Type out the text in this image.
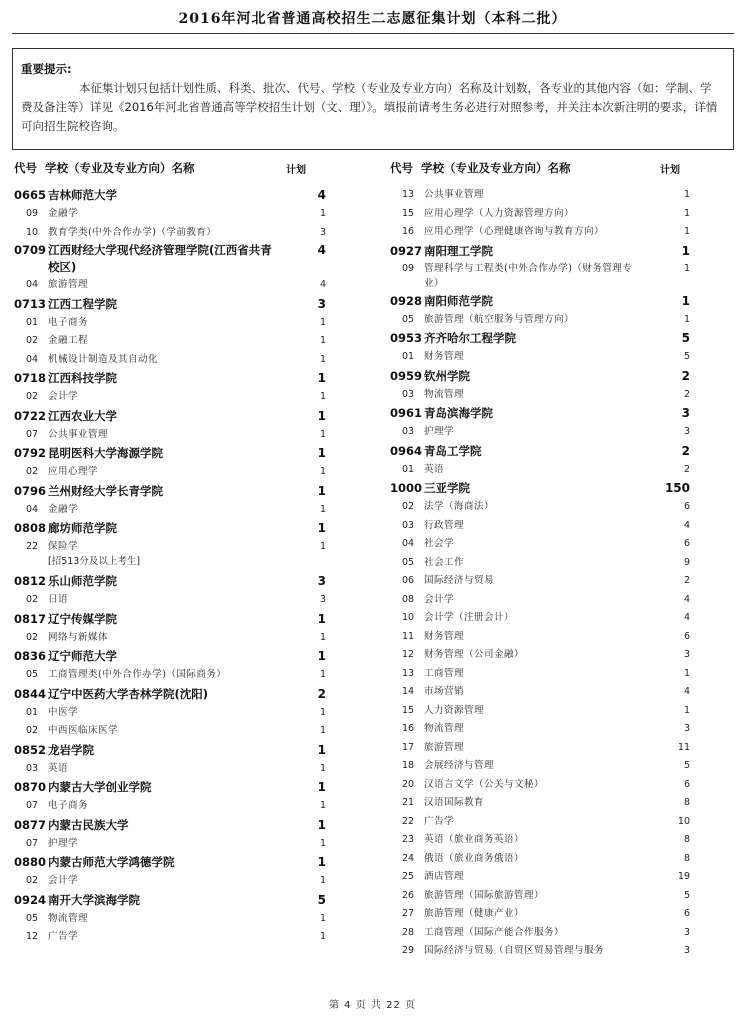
2016年河北省普通高校招生二志愿征集计划（本科二批）
重要提示:
本征集计划只包括计划性质、科类、批次、代号、学校（专业及专业方向）名称及计划数，各专业的其他内容（如：学制、学费及备注等）详见《2016年河北省普通高等学校招生计划（文、理）》。填报前请考生务必进行对照参考，并关注本次新注明的要求，详情可向招生院校咨询。
代号 学校（专业及专业方向）名称	计划	代号 学校（专业及专业方向）名称	计划
0665 吉林师范大学	4
09 金融学	1
10 教育学类(中外合作办学)（学前教育）	3
0709 江西财经大学现代经济管理学院(江西省共青校区)
4
04 旅游管理	4
0713 江西工程学院	3
01 电子商务	1
02 金融工程	1
04 机械设计制造及其自动化	1
0718 江西科技学院	1
02 会计学	1
0722 江西农业大学	1
07 公共事业管理	1
0792 昆明医科大学海源学院	1
02 应用心理学	1
0796 兰州财经大学长青学院	1
04 金融学	1
0808 廊坊师范学院	1
22 保险学	1
[招513分及以上考生]
0812 乐山师范学院	3
02 日语	3
0817 辽宁传媒学院	1
02 网络与新媒体	1
0836 辽宁师范大学	1
05 工商管理类(中外合作办学)（国际商务）	1
0844 辽宁中医药大学杏林学院(沈阳)	2
01 中医学	1
02 中西医临床医学	1
0852 龙岩学院	1
03 英语	1
0870 内蒙古大学创业学院	1
07 电子商务	1
0877 内蒙古民族大学	1
07 护理学	1
0880 内蒙古师范大学鸿德学院	1
02 会计学	1
0924 南开大学滨海学院	5
05 物流管理	1
12 广告学	1
13 公共事业管理	1
15 应用心理学（人力资源管理方向）	1
16 应用心理学（心理健康咨询与教育方向）	1
0927 南阳理工学院	1
09 管理科学与工程类(中外合作办学)（财务管理专业）
1
0928 南阳师范学院	1
05 旅游管理（航空服务与管理方向）	1
0953 齐齐哈尔工程学院	5
01 财务管理	5
0959 钦州学院	2
03 物流管理	2
0961 青岛滨海学院	3
03 护理学	3
0964 青岛工学院	2
01 英语	2
1000 三亚学院	150
02 法学（海商法）	6
03 行政管理	4
04 社会学	6
05 社会工作	9
06 国际经济与贸易	2
08 会计学	4
10 会计学（注册会计）	4
11 财务管理	6
12 财务管理（公司金融）	3
13 工商管理	1
14 市场营销	4
15 人力资源管理	1
16 物流管理	3
17 旅游管理	11
18 会展经济与管理	5
20 汉语言文学（公关与文秘）	6
21 汉语国际教育	8
22 广告学	10
23 英语（旅业商务英语）	8
24 俄语（旅业商务俄语）	8
25 酒店管理	19
26 旅游管理（国际旅游管理）	5
27 旅游管理（健康产业）	6
28 工商管理（国际产能合作服务）	3
29 国际经济与贸易（自贸区贸易管理与服务	3
第 4 页 共 22 页
